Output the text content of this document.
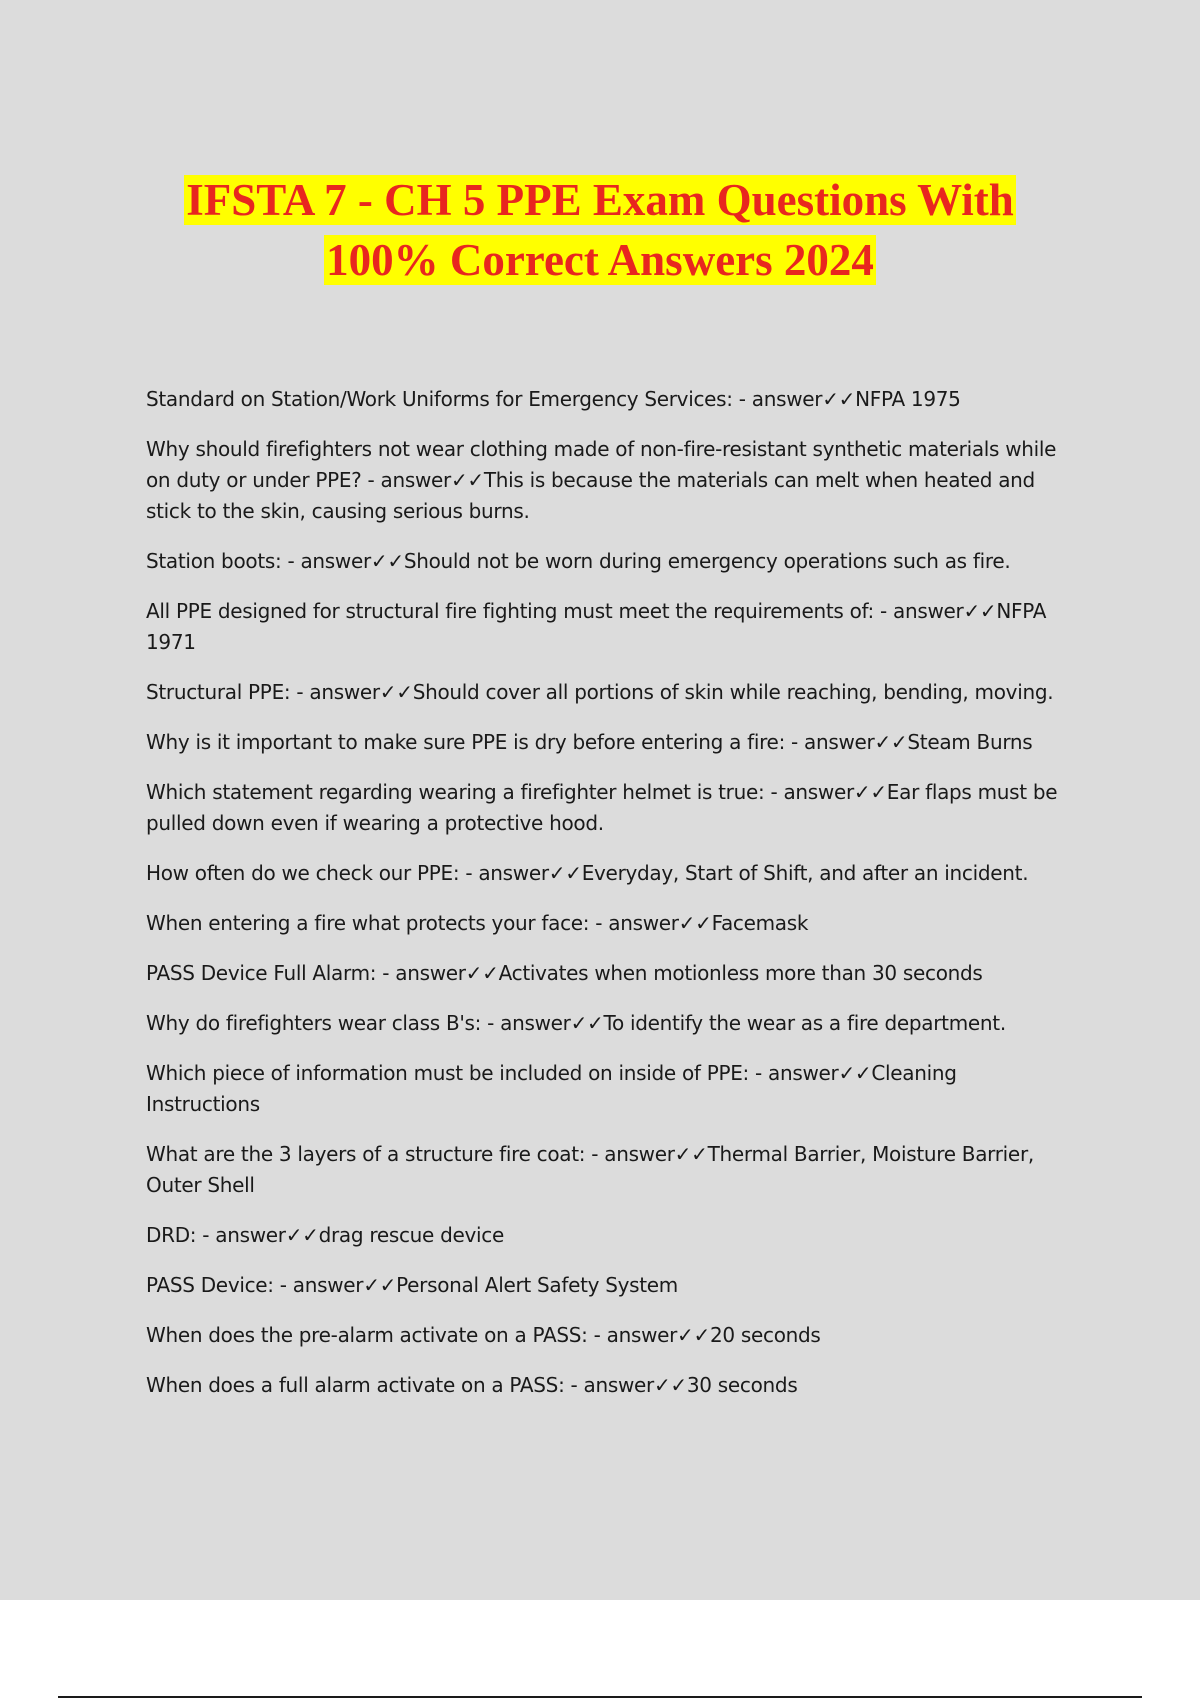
IFSTA 7 - CH 5 PPE Exam Questions With
100% Correct Answers 2024

Standard on Station/Work Uniforms for Emergency Services: - answer✓✓NFPA 1975

Why should firefighters not wear clothing made of non-fire-resistant synthetic materials while on duty or under PPE? - answer✓✓This is because the materials can melt when heated and stick to the skin, causing serious burns.

Station boots: - answer✓✓Should not be worn during emergency operations such as fire.

All PPE designed for structural fire fighting must meet the requirements of: - answer✓✓NFPA 1971

Structural PPE: - answer✓✓Should cover all portions of skin while reaching, bending, moving.

Why is it important to make sure PPE is dry before entering a fire: - answer✓✓Steam Burns

Which statement regarding wearing a firefighter helmet is true: - answer✓✓Ear flaps must be pulled down even if wearing a protective hood.

How often do we check our PPE: - answer✓✓Everyday, Start of Shift, and after an incident.

When entering a fire what protects your face: - answer✓✓Facemask

PASS Device Full Alarm: - answer✓✓Activates when motionless more than 30 seconds

Why do firefighters wear class B's: - answer✓✓To identify the wear as a fire department.

Which piece of information must be included on inside of PPE: - answer✓✓Cleaning Instructions

What are the 3 layers of a structure fire coat: - answer✓✓Thermal Barrier, Moisture Barrier, Outer Shell

DRD: - answer✓✓drag rescue device

PASS Device: - answer✓✓Personal Alert Safety System

When does the pre-alarm activate on a PASS: - answer✓✓20 seconds

When does a full alarm activate on a PASS: - answer✓✓30 seconds
